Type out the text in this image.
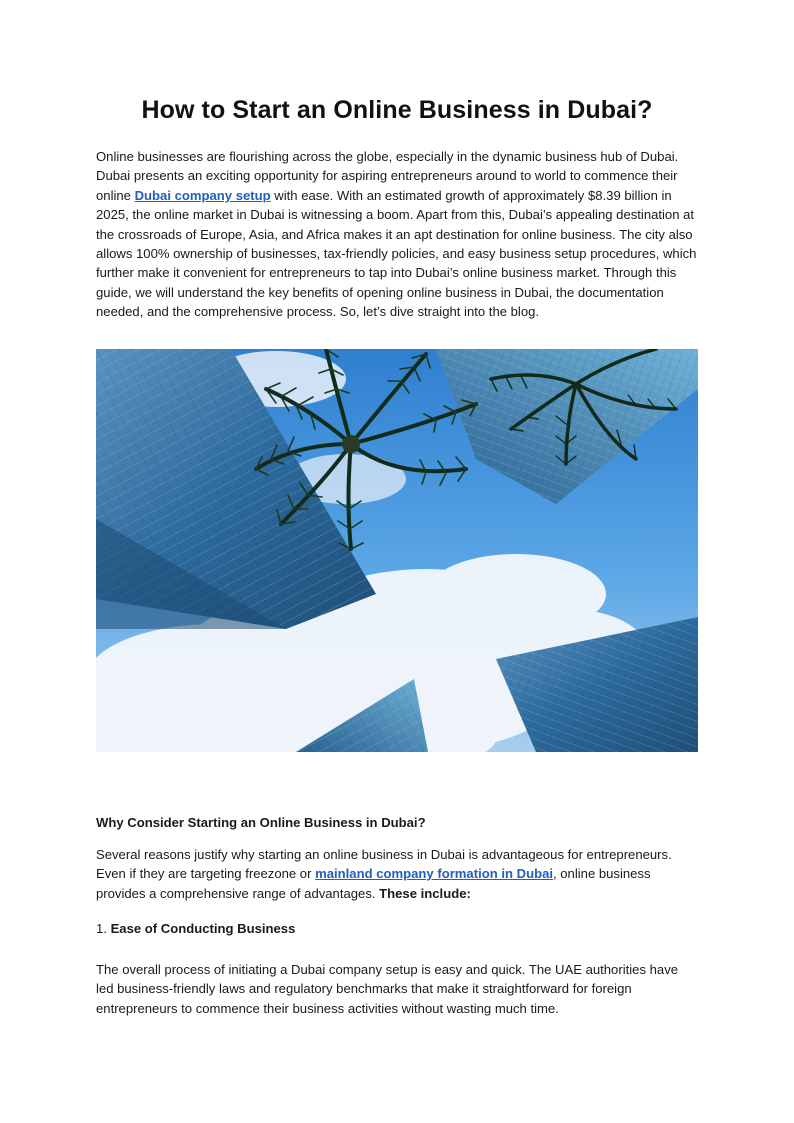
How to Start an Online Business in Dubai?

Online businesses are flourishing across the globe, especially in the dynamic business hub of Dubai. Dubai presents an exciting opportunity for aspiring entrepreneurs around to world to commence their online Dubai company setup with ease. With an estimated growth of approximately $8.39 billion in 2025, the online market in Dubai is witnessing a boom. Apart from this, Dubai’s appealing destination at the crossroads of Europe, Asia, and Africa makes it an apt destination for online business. The city also allows 100% ownership of businesses, tax-friendly policies, and easy business setup procedures, which further make it convenient for entrepreneurs to tap into Dubai’s online business market. Through this guide, we will understand the key benefits of opening online business in Dubai, the documentation needed, and the comprehensive process. So, let’s dive straight into the blog.

Why Consider Starting an Online Business in Dubai?

Several reasons justify why starting an online business in Dubai is advantageous for entrepreneurs. Even if they are targeting freezone or mainland company formation in Dubai, online business provides a comprehensive range of advantages. These include:

1. Ease of Conducting Business

The overall process of initiating a Dubai company setup is easy and quick. The UAE authorities have led business-friendly laws and regulatory benchmarks that make it straightforward for foreign entrepreneurs to commence their business activities without wasting much time.
